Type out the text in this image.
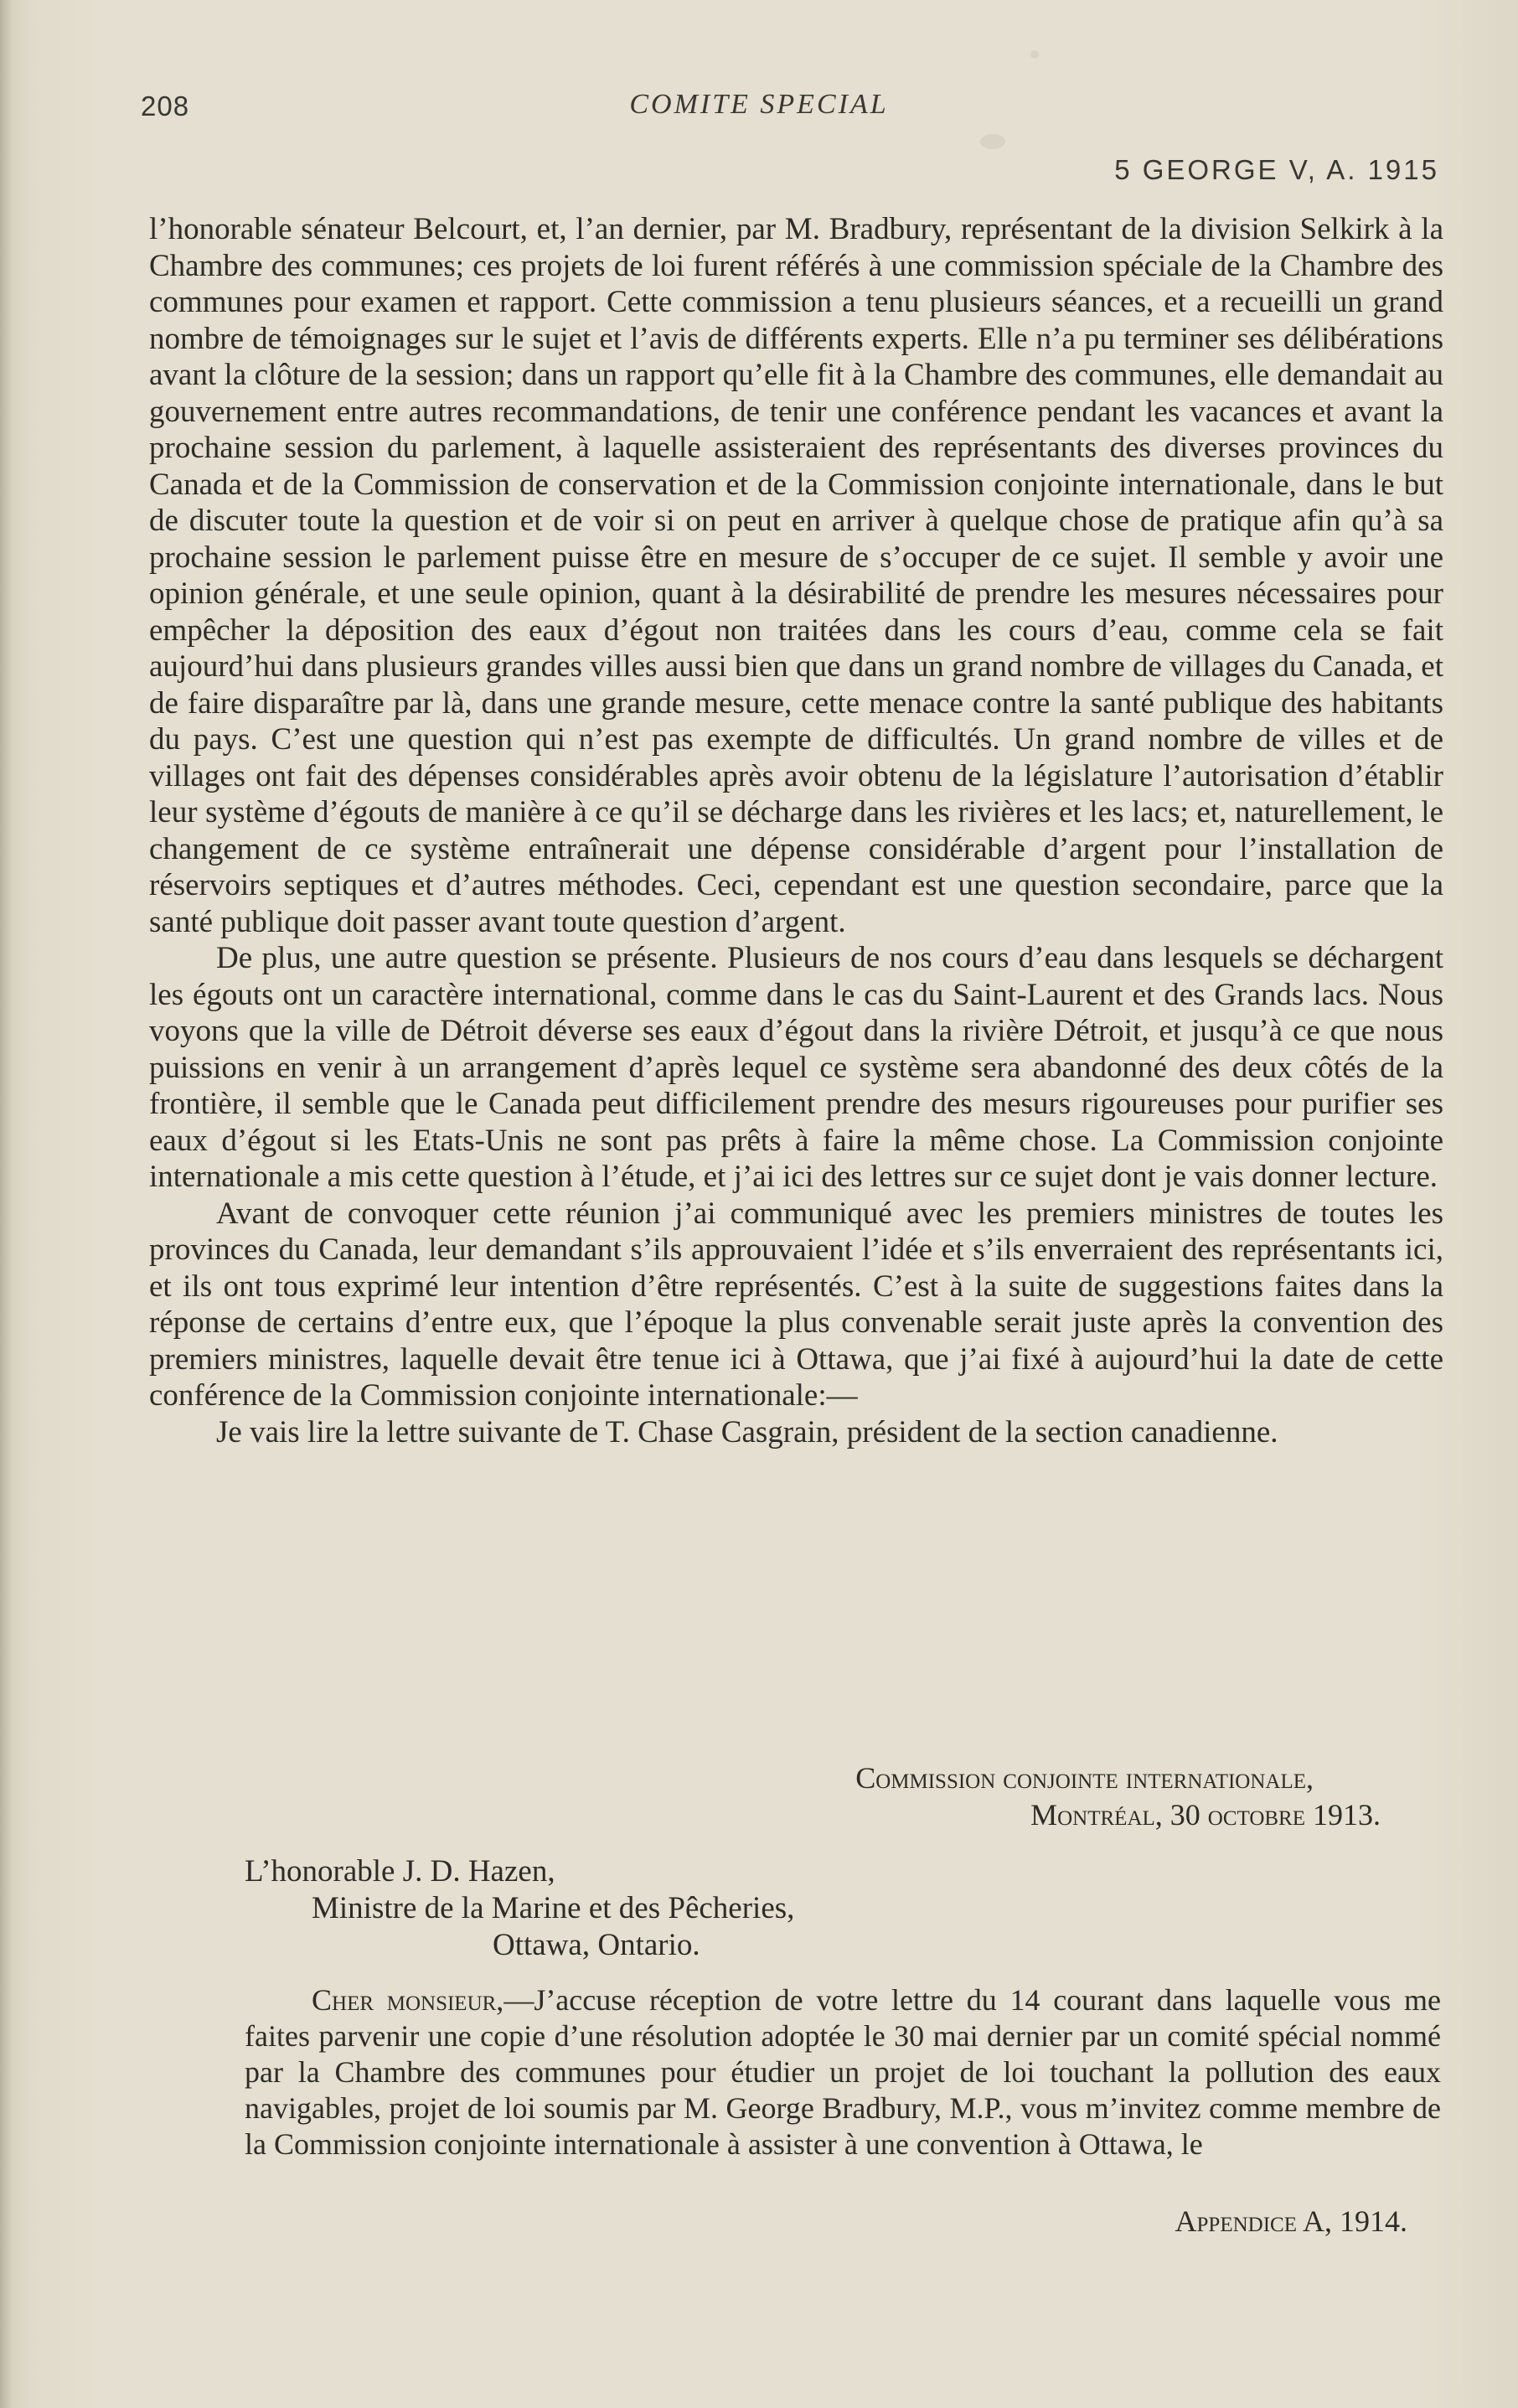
208	COMITE SPECIAL
5 GEORGE V, A. 1915

l’honorable sénateur Belcourt, et, l’an dernier, par M. Bradbury, représentant de la division Selkirk à la Chambre des communes; ces projets de loi furent référés à une commission spéciale de la Chambre des communes pour examen et rapport. Cette commission a tenu plusieurs séances, et a recueilli un grand nombre de témoignages sur le sujet et l’avis de différents experts. Elle n’a pu terminer ses délibérations avant la clôture de la session; dans un rapport qu’elle fit à la Chambre des communes, elle demandait au gouvernement entre autres recommandations, de tenir une conférence pendant les vacances et avant la prochaine session du parlement, à laquelle assisteraient des représentants des diverses provinces du Canada et de la Commission de conservation et de la Commission conjointe internationale, dans le but de discuter toute la question et de voir si on peut en arriver à quelque chose de pratique afin qu’à sa prochaine session le parlement puisse être en mesure de s’occuper de ce sujet. Il semble y avoir une opinion générale, et une seule opinion, quant à la désirabilité de prendre les mesures nécessaires pour empêcher la déposition des eaux d’égout non traitées dans les cours d’eau, comme cela se fait aujourd’hui dans plusieurs grandes villes aussi bien que dans un grand nombre de villages du Canada, et de faire disparaître par là, dans une grande mesure, cette menace contre la santé publique des habitants du pays. C’est une question qui n’est pas exempte de difficultés. Un grand nombre de villes et de villages ont fait des dépenses considérables après avoir obtenu de la législature l’autorisation d’établir leur système d’égouts de manière à ce qu’il se décharge dans les rivières et les lacs; et, naturellement, le changement de ce système entraînerait une dépense considérable d’argent pour l’installation de réservoirs septiques et d’autres méthodes. Ceci, cependant est une question secondaire, parce que la santé publique doit passer avant toute question d’argent.

De plus, une autre question se présente. Plusieurs de nos cours d’eau dans lesquels se déchargent les égouts ont un caractère international, comme dans le cas du Saint-Laurent et des Grands lacs. Nous voyons que la ville de Détroit déverse ses eaux d’égout dans la rivière Détroit, et jusqu’à ce que nous puissions en venir à un arrangement d’après lequel ce système sera abandonné des deux côtés de la frontière, il semble que le Canada peut difficilement prendre des mesurs rigoureuses pour purifier ses eaux d’égout si les Etats-Unis ne sont pas prêts à faire la même chose. La Commission conjointe internationale a mis cette question à l’étude, et j’ai ici des lettres sur ce sujet dont je vais donner lecture.

Avant de convoquer cette réunion j’ai communiqué avec les premiers ministres de toutes les provinces du Canada, leur demandant s’ils approuvaient l’idée et s’ils enverraient des représentants ici, et ils ont tous exprimé leur intention d’être représentés. C’est à la suite de suggestions faites dans la réponse de certains d’entre eux, que l’époque la plus convenable serait juste après la convention des premiers ministres, laquelle devait être tenue ici à Ottawa, que j’ai fixé à aujourd’hui la date de cette conférence de la Commission conjointe internationale:—

Je vais lire la lettre suivante de T. Chase Casgrain, président de la section canadienne.

Commission conjointe internationale,
Montréal, 30 octobre 1913.
L’honorable J. D. Hazen,
Ministre de la Marine et des Pêcheries,
Ottawa, Ontario.
Cher monsieur,—J’accuse réception de votre lettre du 14 courant dans laquelle vous me faites parvenir une copie d’une résolution adoptée le 30 mai dernier par un comité spécial nommé par la Chambre des communes pour étudier un projet de loi touchant la pollution des eaux navigables, projet de loi soumis par M. George Bradbury, M.P., vous m’invitez comme membre de la Commission conjointe internationale à assister à une convention à Ottawa, le
Appendice A, 1914.
